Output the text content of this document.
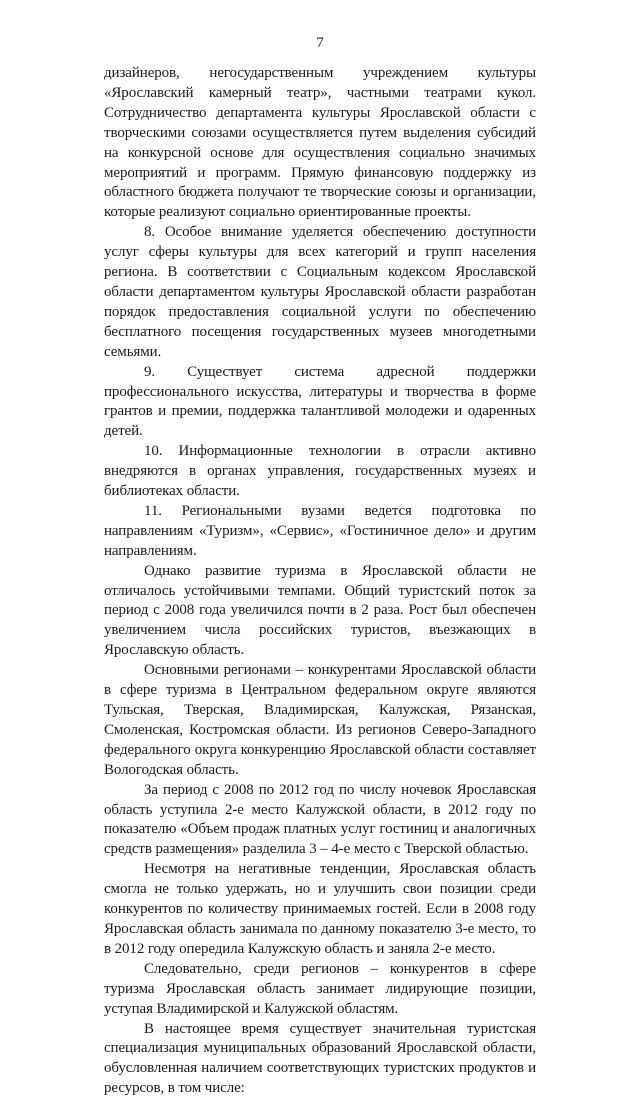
7

дизайнеров, негосударственным учреждением культуры «Ярославский камерный театр», частными театрами кукол. Сотрудничество департамента культуры Ярославской области с творческими союзами осуществляется путем выделения субсидий на конкурсной основе для осуществления социально значимых мероприятий и программ. Прямую финансовую поддержку из областного бюджета получают те творческие союзы и организации, которые реализуют социально ориентированные проекты.

8. Особое внимание уделяется обеспечению доступности услуг сферы культуры для всех категорий и групп населения региона. В соответствии с Социальным кодексом Ярославской области департаментом культуры Ярославской области разработан порядок предоставления социальной услуги по обеспечению бесплатного посещения государственных музеев многодетными семьями.

9. Существует система адресной поддержки профессионального искусства, литературы и творчества в форме грантов и премии, поддержка талантливой молодежи и одаренных детей.

10. Информационные технологии в отрасли активно внедряются в органах управления, государственных музеях и библиотеках области.

11. Региональными вузами ведется подготовка по направлениям «Туризм», «Сервис», «Гостиничное дело» и другим направлениям.

Однако развитие туризма в Ярославской области не отличалось устойчивыми темпами. Общий туристский поток за период с 2008 года увеличился почти в 2 раза. Рост был обеспечен увеличением числа российских туристов, въезжающих в Ярославскую область.

Основными регионами – конкурентами Ярославской области в сфере туризма в Центральном федеральном округе являются Тульская, Тверская, Владимирская, Калужская, Рязанская, Смоленская, Костромская области. Из регионов Северо-Западного федерального округа конкуренцию Ярославской области составляет Вологодская область.

За период с 2008 по 2012 год по числу ночевок Ярославская область уступила 2-е место Калужской области, в 2012 году по показателю «Объем продаж платных услуг гостиниц и аналогичных средств размещения» разделила 3 – 4-е место с Тверской областью.

Несмотря на негативные тенденции, Ярославская область смогла не только удержать, но и улучшить свои позиции среди конкурентов по количеству принимаемых гостей. Если в 2008 году Ярославская область занимала по данному показателю 3-е место, то в 2012 году опередила Калужскую область и заняла 2-е место.

Следовательно, среди регионов – конкурентов в сфере туризма Ярославская область занимает лидирующие позиции, уступая Владимирской и Калужской областям.

В настоящее время существует значительная туристская специализация муниципальных образований Ярославской области, обусловленная наличием соответствующих туристских продуктов и ресурсов, в том числе:
